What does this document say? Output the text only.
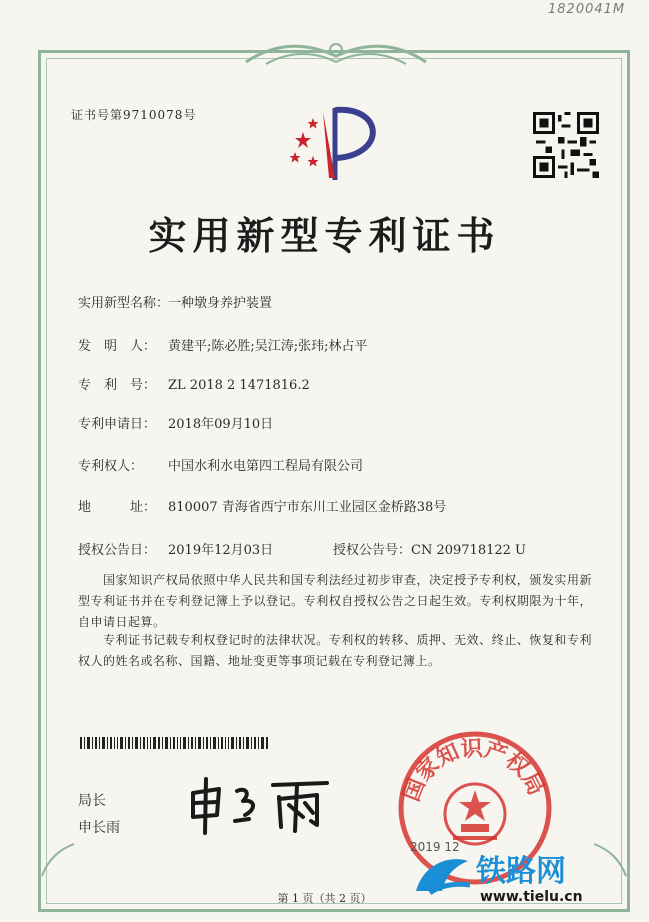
1820041M
证书号第9710078号
实用新型专利证书
实用新型名称：一种墩身养护装置
发　明　人： 黄建平;陈必胜;吴江涛;张玮;林占平
专　利　号： ZL 2018 2 1471816.2
专利申请日： 2018年09月10日
专利权人： 中国水利水电第四工程局有限公司
地　　　址： 810007 青海省西宁市东川工业园区金桥路38号
授权公告日： 2019年12月03日	授权公告号：CN 209718122 U
国家知识产权局依照中华人民共和国专利法经过初步审查，决定授予专利权，颁发实用新型专利证书并在专利登记簿上予以登记。专利权自授权公告之日起生效。专利权期限为十年，自申请日起算。
专利证书记载专利权登记时的法律状况。专利权的转移、质押、无效、终止、恢复和专利权人的姓名或名称、国籍、地址变更等事项记载在专利登记簿上。
局长
申长雨
国家知识产权局
2019 12
铁路网
www.tielu.cn
第 1 页（共 2 页）
